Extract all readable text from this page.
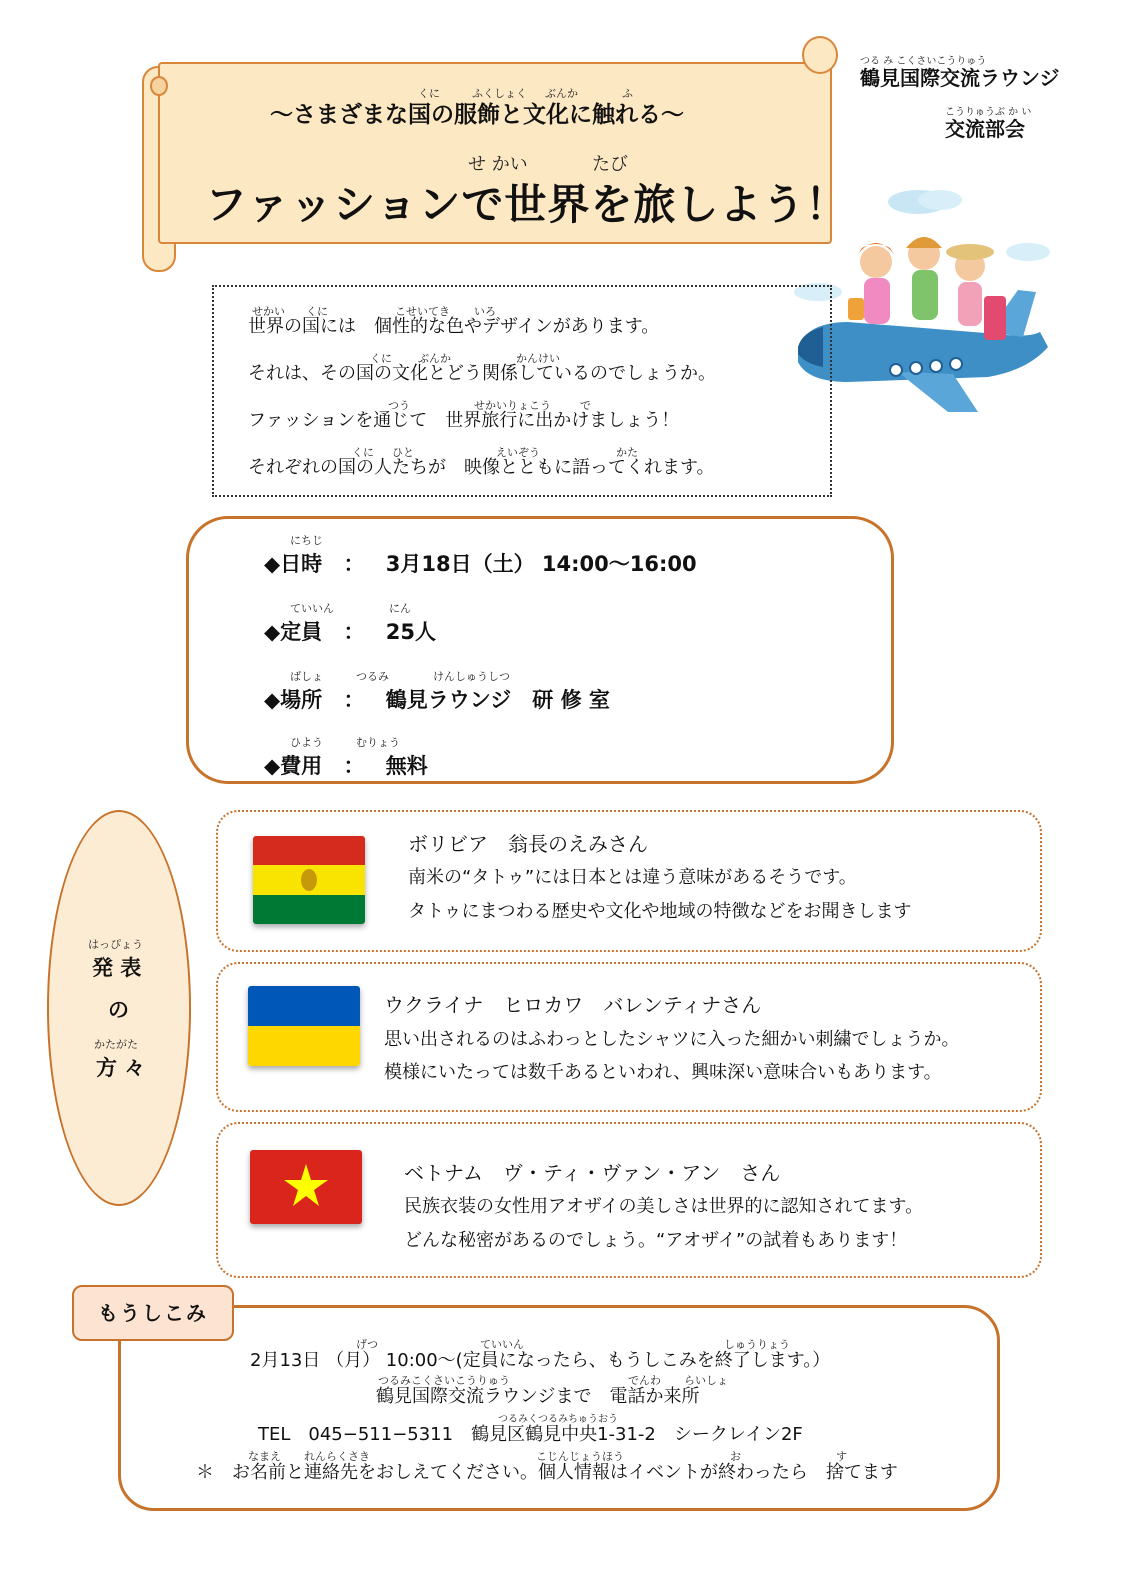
くに	ふくしょく ぶんか	ふ
〜さまざまな国の服飾と文化に触れる〜
せ かい	たび
ファッションで世界を旅しよう！
つる み こくさいこうりゅう
鶴見国際交流ラウンジ
こうりゅうぶ か い
交流部会
せかい くに	こせいてき いろ
世界の国には　個性的な色やデザインがあります。
くに ぶんか	かんけい
それは、その国の文化とどう関係しているのでしょうか。
つう	せかいりょこう	で
ファッションを通じて　世界旅行に出かけましょう！
くに ひと	えいぞう	かた
それぞれの国の人たちが　映像とともに語ってくれます。
にちじ
◆日時 ： 3月18日（土） 14:00〜16:00
ていいん　　　　　にん
◆定員 ： 25人
ばしょ　　　つるみ　　　　けんしゅうしつ
◆場所 ： 鶴見ラウンジ　研 修 室
ひよう　　　むりょう
◆費用 ： 無料
はっぴょう
発 表
の
かたがた
方 々
ボリビア　翁長のえみさん
南米の“タトゥ”には日本とは違う意味があるそうです。
タトゥにまつわる歴史や文化や地域の特徴などをお聞きします
ウクライナ　ヒロカワ　バレンティナさん
思い出されるのはふわっとしたシャツに入った細かい刺繍でしょうか。
模様にいたっては数千あるといわれ、興味深い意味合いもあります。
ベトナム　ヴ・ティ・ヴァン・アン　さん
民族衣装の女性用アオザイの美しさは世界的に認知されてます。
どんな秘密があるのでしょう。“アオザイ”の試着もあります！
もうしこみ
げつ	ていいん	しゅうりょう
2月13日 （月） 10:00〜(定員になったら、もうしこみを終了します。）
つるみこくさいこうりゅう	でんわ らいしょ
鶴見国際交流ラウンジまで　電話か来所
つるみくつるみちゅうおう
TEL　045−511−5311　鶴見区鶴見中央1-31-2　シークレイン2F
なまえ れんらくさき	こじんじょうほう	お	す
＊　お名前と連絡先をおしえてください。個人情報はイベントが終わったら　捨てます
